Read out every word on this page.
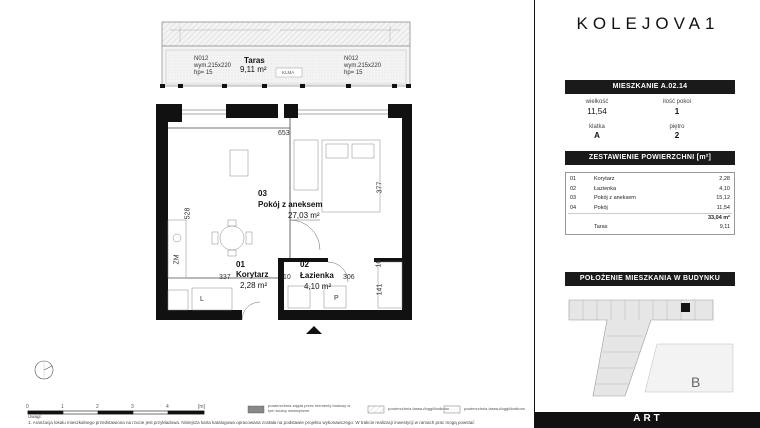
N012
wym.215x220
hp= 15
Taras
9,11 m²	KLMA
N012
wym.215x220
hp= 15
653
377
528
ZM
337	10	306
10
141
L	P
03
Pokój z aneksem
27,03 m²
01
Korytarz
2,28 m²
02
Łazienka
4,10 m²
0	1	2	3	4	[m]	powierzchnia zajęta przez elementy budowy w tym ściany wewnętrzne	powierzchnia tarasu/loggii/balkonu	powierzchnia tarasu/loggii/balkonu
Uwagi:
1. Aranżacja lokalu mieszkalnego przedstawiona na rzucie jest przykładowa. Niniejsza karta katalogowa opracowana została na podstawie projektu wykonawczego. W trakcie realizacji inwestycji w ramach prac mogą powstać
KOLEJOVA1
MIESZKANIE A.02.14
wielkość
11,54
ilość pokoi
1
klatka
A
piętro
2
ZESTAWIENIE POWIERZCHNI [m²]
01	Korytarz	2,28
02	Łazienka	4,10
03	Pokój z aneksem	15,12
04	Pokój	11,54
33,04 m²
Taras	9,11
POŁOŻENIE MIESZKANIA W BUDYNKU
B
ART
